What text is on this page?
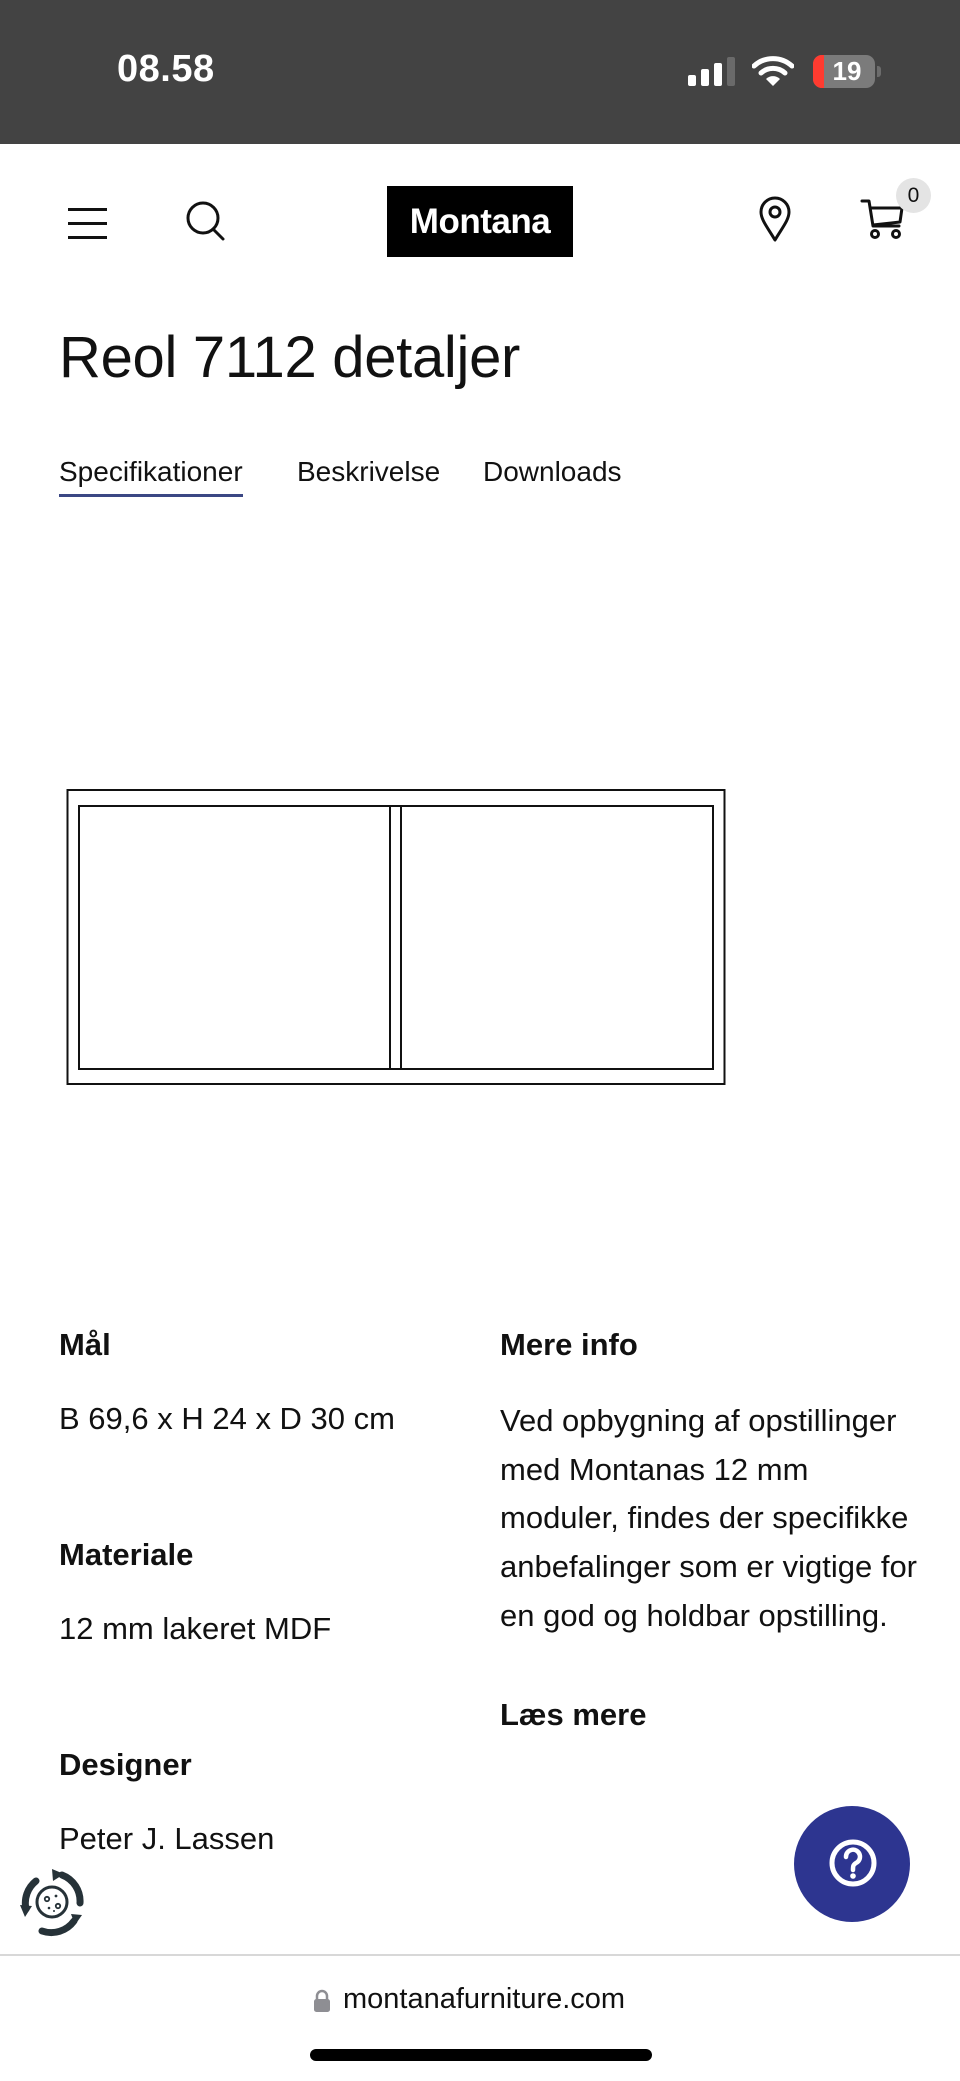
08.58	19
Montana
0
Reol 7112 detaljer
Specifikationer Beskrivelse Downloads
Mål
B 69,6 x H 24 x D 30 cm
Materiale
12 mm lakeret MDF
Designer
Peter J. Lassen
Mere info
Ved opbygning af opstillinger med Montanas 12 mm moduler, findes der specifikke anbefalinger som er vigtige for en god og holdbar opstilling.
Læs mere
montanafurniture.com
